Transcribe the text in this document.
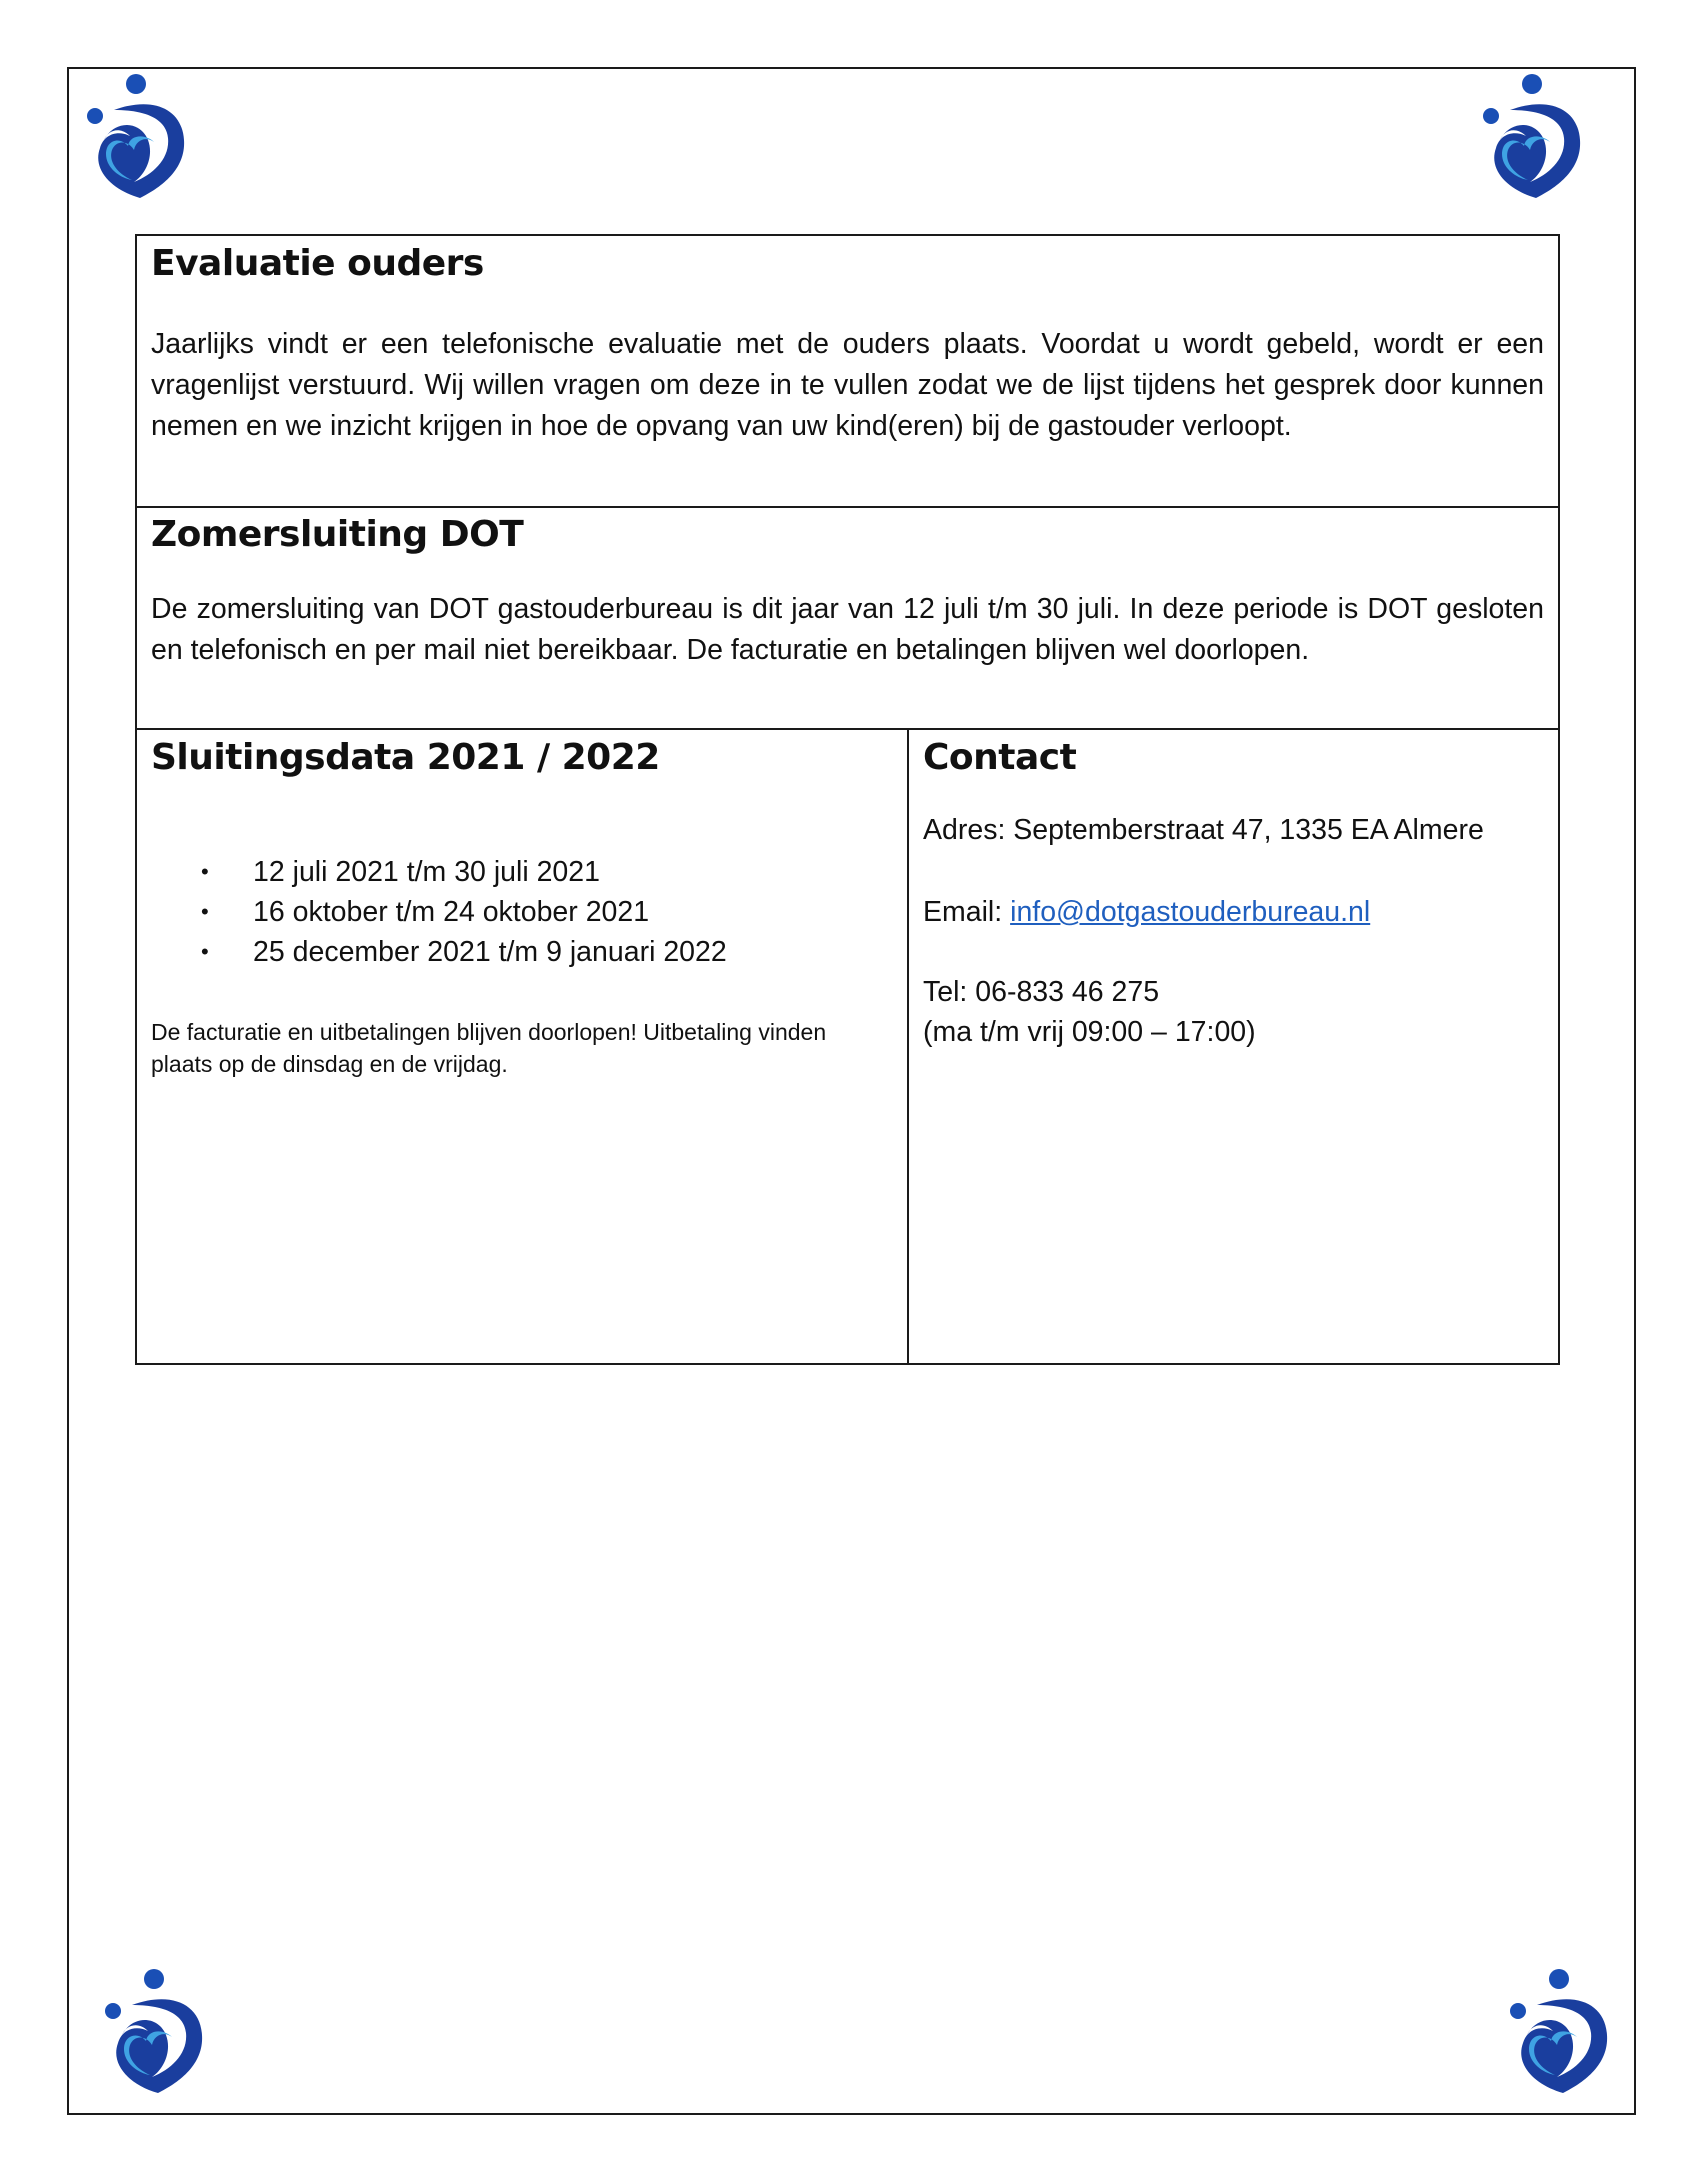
Evaluatie ouders

Jaarlijks vindt er een telefonische evaluatie met de ouders plaats. Voordat u wordt gebeld, wordt er een vragenlijst verstuurd. Wij willen vragen om deze in te vullen zodat we de lijst tijdens het gesprek door kunnen nemen en we inzicht krijgen in hoe de opvang van uw kind(eren) bij de gastouder verloopt.

Zomersluiting DOT

De zomersluiting van DOT gastouderbureau is dit jaar van 12 juli t/m 30 juli. In deze periode is DOT gesloten en telefonisch en per mail niet bereikbaar. De facturatie en betalingen blijven wel doorlopen.

Sluitingsdata 2021 / 2022
• 12 juli 2021 t/m 30 juli 2021
• 16 oktober t/m 24 oktober 2021
• 25 december 2021 t/m 9 januari 2022

De facturatie en uitbetalingen blijven doorlopen! Uitbetaling vinden plaats op de dinsdag en de vrijdag.

Contact

Adres: Septemberstraat 47, 1335 EA Almere

Email: info@dotgastouderbureau.nl

Tel: 06-833 46 275

(ma t/m vrij 09:00 – 17:00)
